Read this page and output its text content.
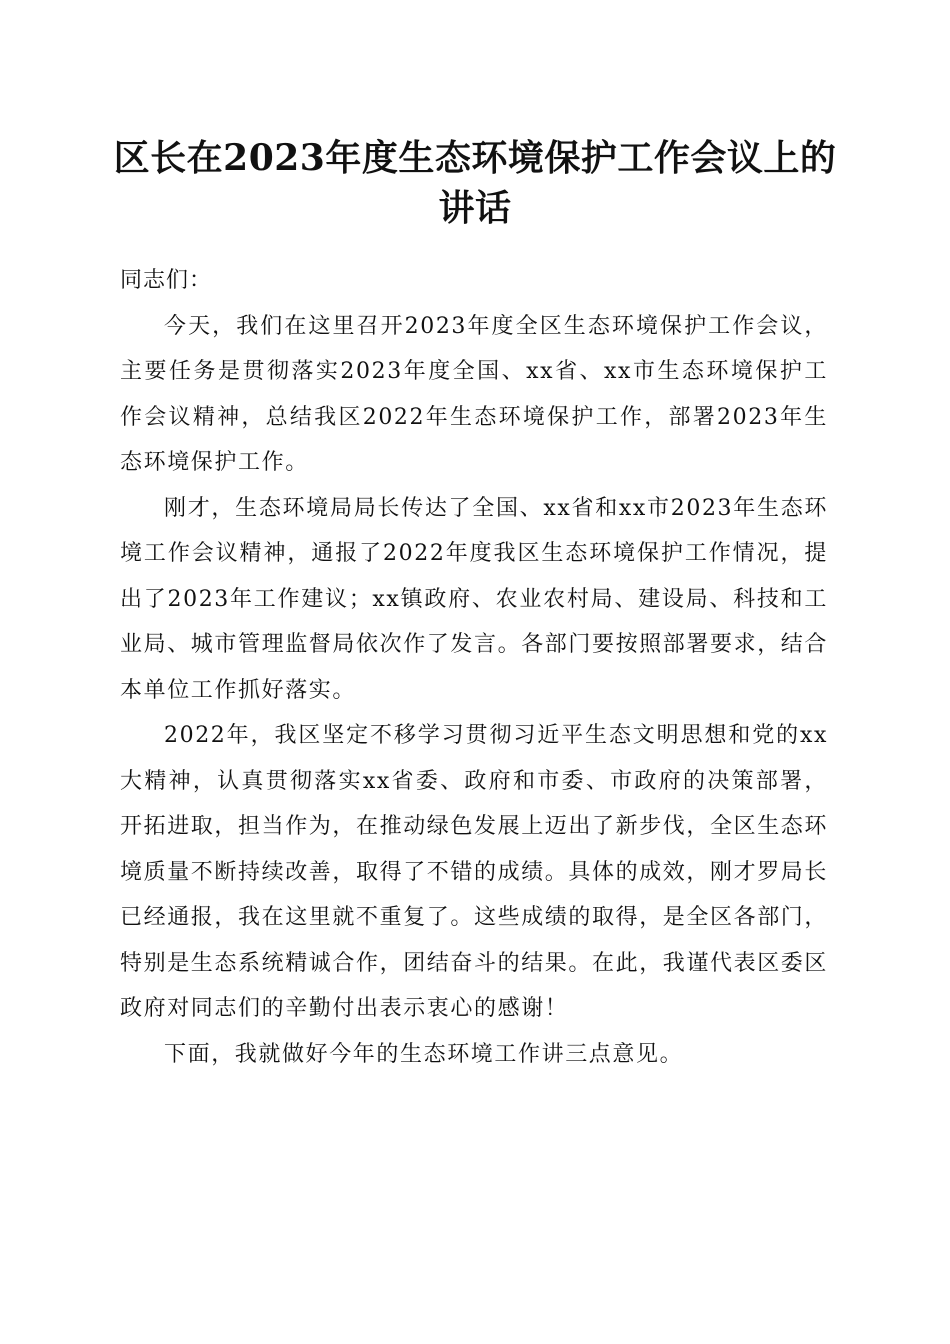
区长在2023年度生态环境保护工作会议上的
讲话

同志们：

今天，我们在这里召开2023年度全区生态环境保护工作会议，主要任务是贯彻落实2023年度全国、xx省、xx市生态环境保护工作会议精神，总结我区2022年生态环境保护工作，部署2023年生态环境保护工作。

刚才，生态环境局局长传达了全国、xx省和xx市2023年生态环境工作会议精神，通报了2022年度我区生态环境保护工作情况，提出了2023年工作建议；xx镇政府、农业农村局、建设局、科技和工业局、城市管理监督局依次作了发言。各部门要按照部署要求，结合本单位工作抓好落实。

2022年，我区坚定不移学习贯彻习近平生态文明思想和党的xx大精神，认真贯彻落实xx省委、政府和市委、市政府的决策部署，开拓进取，担当作为，在推动绿色发展上迈出了新步伐，全区生态环境质量不断持续改善，取得了不错的成绩。具体的成效，刚才罗局长已经通报，我在这里就不重复了。这些成绩的取得，是全区各部门，特别是生态系统精诚合作，团结奋斗的结果。在此，我谨代表区委区政府对同志们的辛勤付出表示衷心的感谢！

下面，我就做好今年的生态环境工作讲三点意见。
